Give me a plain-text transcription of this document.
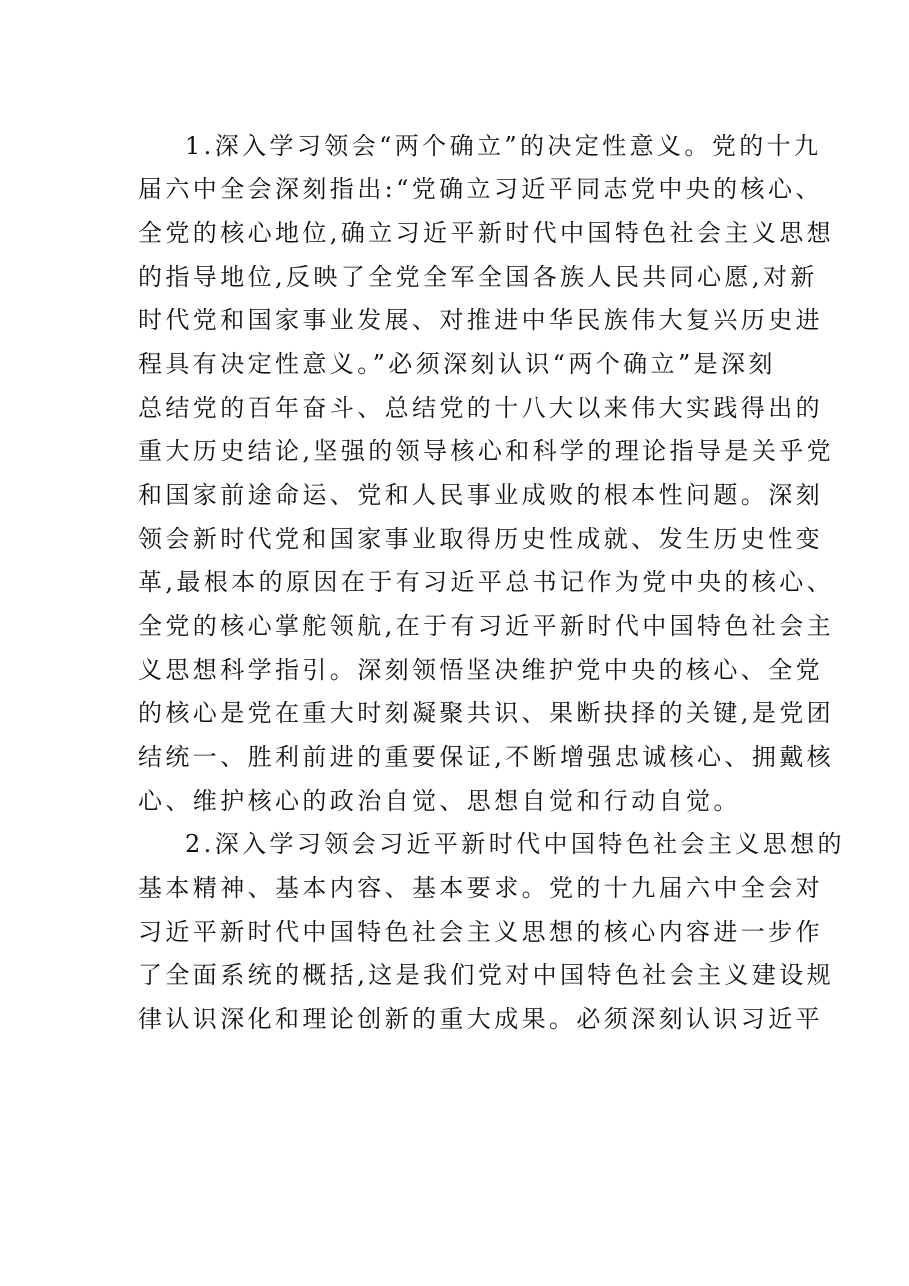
1.深入学习领会“两个确立”的决定性意义。党的十九
届六中全会深刻指出:“党确立习近平同志党中央的核心、
全党的核心地位,确立习近平新时代中国特色社会主义思想
的指导地位,反映了全党全军全国各族人民共同心愿,对新
时代党和国家事业发展、对推进中华民族伟大复兴历史进
程具有决定性意义。”必须深刻认识“两个确立”是深刻
总结党的百年奋斗、总结党的十八大以来伟大实践得出的
重大历史结论,坚强的领导核心和科学的理论指导是关乎党
和国家前途命运、党和人民事业成败的根本性问题。深刻
领会新时代党和国家事业取得历史性成就、发生历史性变
革,最根本的原因在于有习近平总书记作为党中央的核心、
全党的核心掌舵领航,在于有习近平新时代中国特色社会主
义思想科学指引。深刻领悟坚决维护党中央的核心、全党
的核心是党在重大时刻凝聚共识、果断抉择的关键,是党团
结统一、胜利前进的重要保证,不断增强忠诚核心、拥戴核
心、维护核心的政治自觉、思想自觉和行动自觉。
2.深入学习领会习近平新时代中国特色社会主义思想的
基本精神、基本内容、基本要求。党的十九届六中全会对
习近平新时代中国特色社会主义思想的核心内容进一步作
了全面系统的概括,这是我们党对中国特色社会主义建设规
律认识深化和理论创新的重大成果。必须深刻认识习近平
